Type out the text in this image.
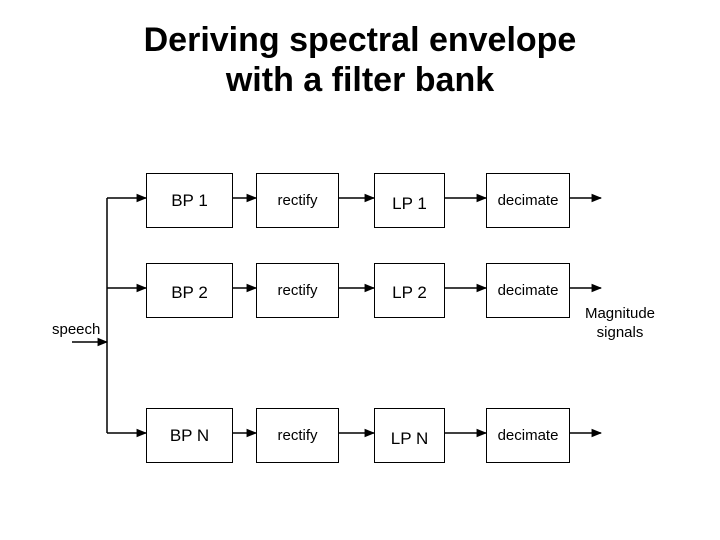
Deriving spectral envelope
with a filter bank
BP 1	rectify	LP 1	decimate
BP 2	rectify	LP 2	decimate
BP N	rectify	LP N	decimate
speech
Magnitude
signals
